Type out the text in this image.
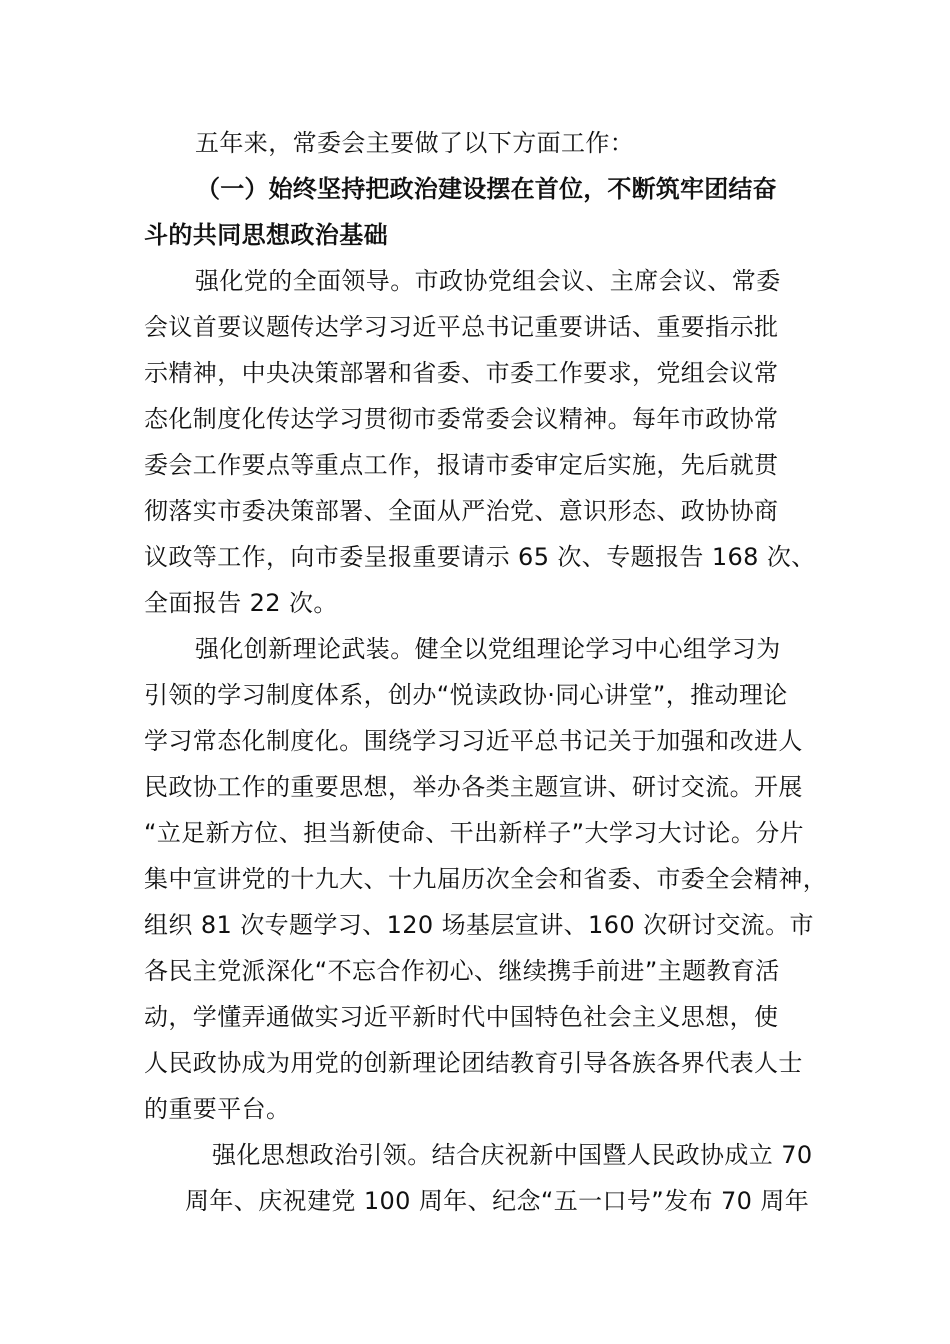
五年来，常委会主要做了以下方面工作：
（一）始终坚持把政治建设摆在首位，不断筑牢团结奋
斗的共同思想政治基础
强化党的全面领导。市政协党组会议、主席会议、常委
会议首要议题传达学习习近平总书记重要讲话、重要指示批
示精神，中央决策部署和省委、市委工作要求，党组会议常
态化制度化传达学习贯彻市委常委会议精神。每年市政协常
委会工作要点等重点工作，报请市委审定后实施，先后就贯
彻落实市委决策部署、全面从严治党、意识形态、政协协商
议政等工作，向市委呈报重要请示 65 次、专题报告 168 次、
全面报告 22 次。
强化创新理论武装。健全以党组理论学习中心组学习为
引领的学习制度体系，创办“悦读政协·同心讲堂”，推动理论
学习常态化制度化。围绕学习习近平总书记关于加强和改进人
民政协工作的重要思想，举办各类主题宣讲、研讨交流。开展
“立足新方位、担当新使命、干出新样子”大学习大讨论。分片
集中宣讲党的十九大、十九届历次全会和省委、市委全会精神，
组织 81 次专题学习、120 场基层宣讲、160 次研讨交流。市
各民主党派深化“不忘合作初心、继续携手前进”主题教育活
动，学懂弄通做实习近平新时代中国特色社会主义思想，使
人民政协成为用党的创新理论团结教育引导各族各界代表人士
的重要平台。
强化思想政治引领。结合庆祝新中国暨人民政协成立 70
周年、庆祝建党 100 周年、纪念“五一口号”发布 70 周年
